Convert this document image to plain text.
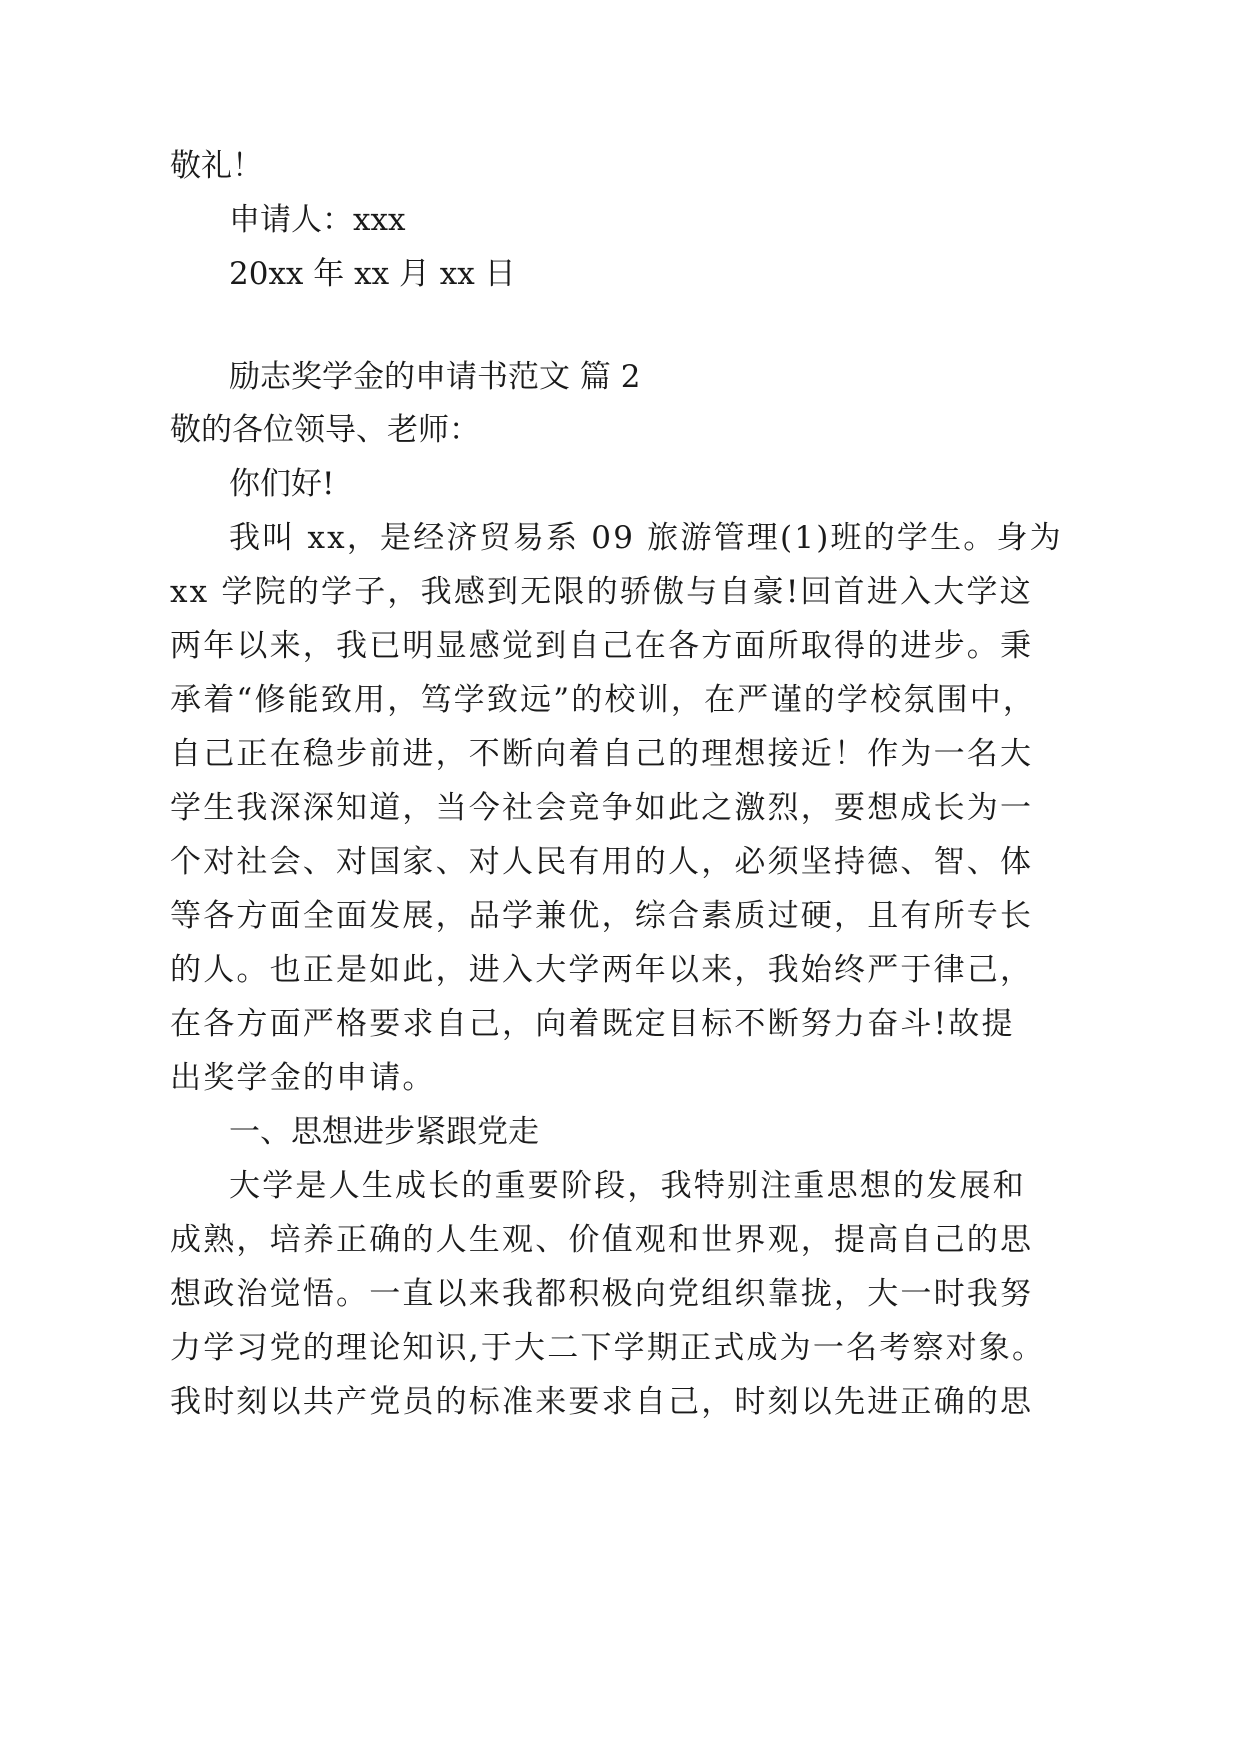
敬礼！
申请人：xxx
20xx 年 xx 月 xx 日
励志奖学金的申请书范文 篇 2
敬的各位领导、老师：
你们好!
我叫 xx，是经济贸易系 09 旅游管理(1)班的学生。身为
xx 学院的学子，我感到无限的骄傲与自豪!回首进入大学这
两年以来，我已明显感觉到自己在各方面所取得的进步。秉
承着“修能致用，笃学致远”的校训，在严谨的学校氛围中，
自己正在稳步前进，不断向着自己的理想接近！作为一名大
学生我深深知道，当今社会竞争如此之激烈，要想成长为一
个对社会、对国家、对人民有用的人，必须坚持德、智、体
等各方面全面发展，品学兼优，综合素质过硬，且有所专长
的人。也正是如此，进入大学两年以来，我始终严于律己，
在各方面严格要求自己，向着既定目标不断努力奋斗!故提
出奖学金的申请。
一、思想进步紧跟党走
大学是人生成长的重要阶段，我特别注重思想的发展和
成熟，培养正确的人生观、价值观和世界观，提高自己的思
想政治觉悟。一直以来我都积极向党组织靠拢，大一时我努
力学习党的理论知识,于大二下学期正式成为一名考察对象。
我时刻以共产党员的标准来要求自己，时刻以先进正确的思
